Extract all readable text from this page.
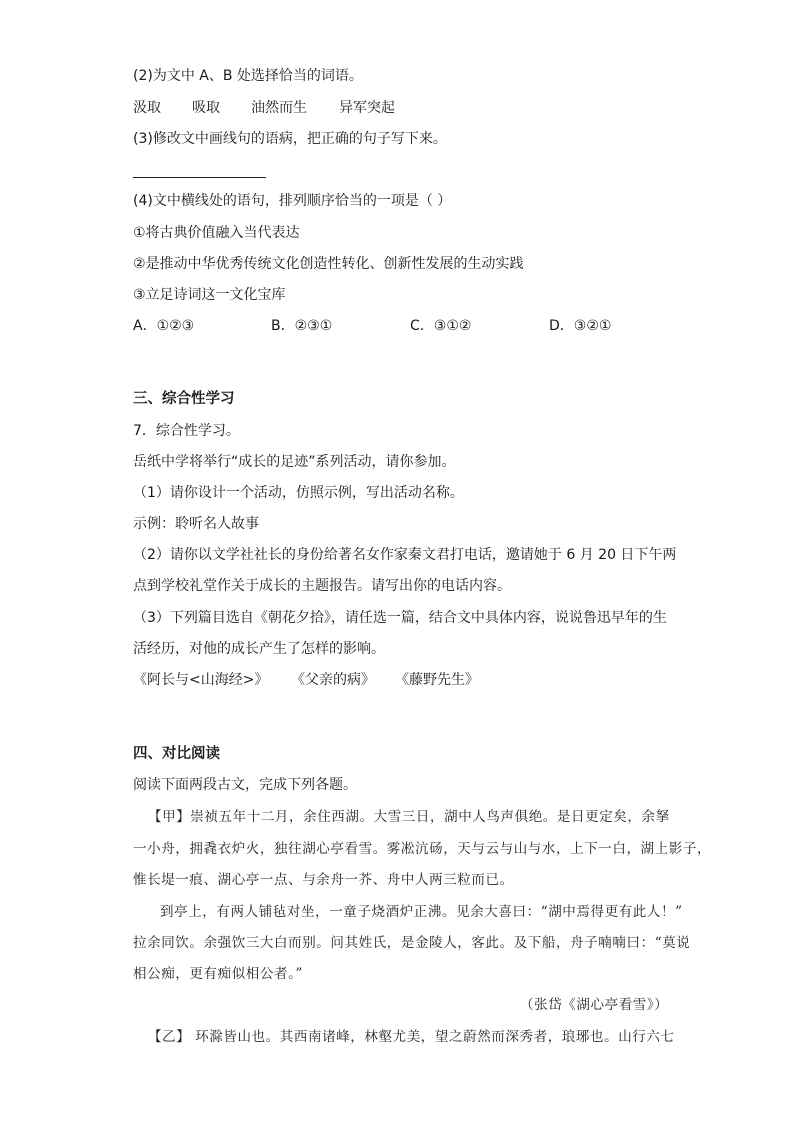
(2)为文中 A、B 处选择恰当的词语。
汲取 吸取 油然而生 异军突起
(3)修改文中画线句的语病，把正确的句子写下来。
(4)文中横线处的语句，排列顺序恰当的一项是（ ）
①将古典价值融入当代表达
②是推动中华优秀传统文化创造性转化、创新性发展的生动实践
③立足诗词这一文化宝库
A．①②③	B．②③①	C．③①②	D．③②①
三、综合性学习
7．综合性学习。
岳纸中学将举行“成长的足迹”系列活动，请你参加。
（1）请你设计一个活动，仿照示例，写出活动名称。
示例：聆听名人故事
（2）请你以文学社社长的身份给著名女作家秦文君打电话，邀请她于 6 月 20 日下午两
点到学校礼堂作关于成长的主题报告。请写出你的电话内容。
（3）下列篇目选自《朝花夕拾》，请任选一篇，结合文中具体内容，说说鲁迅早年的生
活经历，对他的成长产生了怎样的影响。
《阿长与<山海经>》 《父亲的病》 《藤野先生》
四、对比阅读
阅读下面两段古文，完成下列各题。
【甲】崇祯五年十二月，余住西湖。大雪三日，湖中人鸟声俱绝。是日更定矣，余拏
一小舟，拥毳衣炉火，独往湖心亭看雪。雾凇沆砀，天与云与山与水，上下一白，湖上影子，
惟长堤一痕、湖心亭一点、与余舟一芥、舟中人两三粒而已。
到亭上，有两人铺毡对坐，一童子烧酒炉正沸。见余大喜曰：“湖中焉得更有此人！”
拉余同饮。余强饮三大白而别。问其姓氏，是金陵人，客此。及下船，舟子喃喃曰：“莫说
相公痴，更有痴似相公者。”
（张岱《湖心亭看雪》）
【乙】 环滁皆山也。其西南诸峰，林壑尤美，望之蔚然而深秀者，琅琊也。山行六七
